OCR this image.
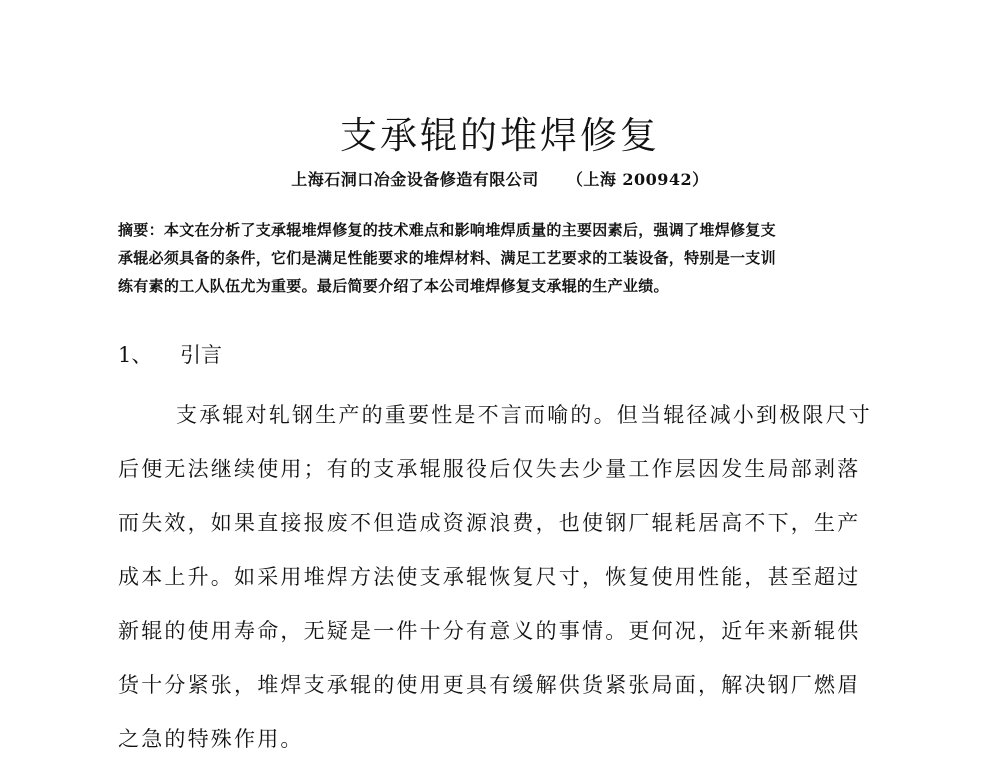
支承辊的堆焊修复
上海石洞口冶金设备修造有限公司 （上海 200942）

摘要：本文在分析了支承辊堆焊修复的技术难点和影响堆焊质量的主要因素后，强调了堆焊修复支
承辊必须具备的条件，它们是满足性能要求的堆焊材料、满足工艺要求的工装设备，特别是一支训
练有素的工人队伍尤为重要。最后简要介绍了本公司堆焊修复支承辊的生产业绩。

1、 引言

支承辊对轧钢生产的重要性是不言而喻的。但当辊径减小到极限尺寸
后便无法继续使用；有的支承辊服役后仅失去少量工作层因发生局部剥落
而失效，如果直接报废不但造成资源浪费，也使钢厂辊耗居高不下，生产
成本上升。如采用堆焊方法使支承辊恢复尺寸，恢复使用性能，甚至超过
新辊的使用寿命，无疑是一件十分有意义的事情。更何况，近年来新辊供
货十分紧张，堆焊支承辊的使用更具有缓解供货紧张局面，解决钢厂燃眉
之急的特殊作用。
